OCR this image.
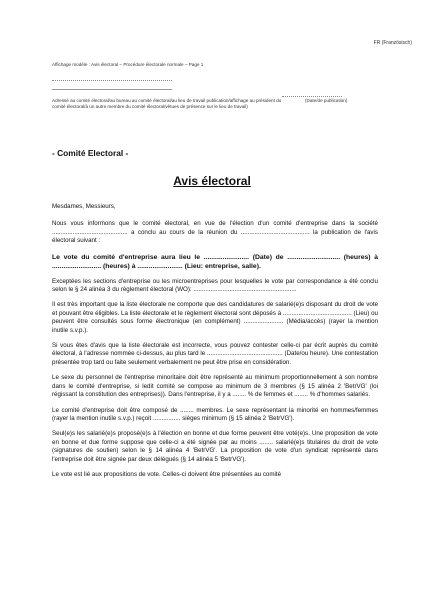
FR (Französisch)
Affichage modèle : Avis électoral – Procédure électorale normale – Page 1
Adressé au comité électoral/au bureau au comité électoral/au lieu de travail publication/affichage au président du comité électoral/à un autre membre du comité électoral/vêtues de présence sur le lieu de travail)
(Date/de publication)
- Comité Electoral -
Avis électoral

Mesdames, Messieurs,

Nous vous informons que le comité électoral, en vue de l'élection d'un comité d'entreprise dans la société ............................................ a conclu au cours de la réunion du ........................................ la publication de l'avis électoral suivant :

Le vote du comité d'entreprise aura lieu le ........................ (Date) de ............................ (heures) à .......................... (heures) à ........................ (Lieu: entreprise, salle).

Exceptées les sections d'entreprise ou les microentreprises pour lesquelles le vote par correspondance a été conclu selon le § 24 alinéa 3 du règlement électoral (WO): ............................................................

Il est très important que la liste électorale ne comporte que des candidatures de salarié(e)s disposant du droit de vote et pouvant être éligibles. La liste électorale et le règlement électoral sont déposés à ........................................ (Lieu) ou peuvent être consultés sous forme électronique (en complément) ....................... (Média/accès) (rayer la mention inutile s.v.p.).

Si vous êtes d'avis que la liste électorale est incorrecte, vous pouvez contester celle-ci par écrit auprès du comité électoral, à l'adresse nommée ci-dessus, au plus tard le ............................................ (Date/ou heure). Une contestation présentée trop tard ou faite seulement verbalement ne peut être prise en considération.

Le sexe du personnel de l'entreprise minoritaire doit être représenté au minimum proportionnellement à son nombre dans le comité d'entreprise, si ledit comité se compose au minimum de 3 membres (§ 15 alinéa 2 'BetrVG' (loi régissant la constitution des entreprises)). Dans l'entreprise, il y a ........ % de femmes et ........ % d'hommes salariés.

Le comité d'entreprise doit être composé de ........ membres. Le sexe représentant la minorité en hommes/femmes (rayer la mention inutile s.v.p.) reçoit ................ sièges minimum (§ 15 alinéa 2 'BetrVG').

Seul(e)s les salarié(e)s proposé(e)s à l'élection en bonne et due forme peuvent être voté(e)s. Une proposition de vote en bonne et due forme suppose que celle-ci a été signée par au moins ........ salarié(e)s titulaires du droit de vote (signatures de soutien) selon le § 14 alinéa 4 'BetrVG'. La proposition de vote d'un syndicat représenté dans l'entreprise doit être signée par deux délégués (§ 14 alinéa 5 'BetrVG').

Le vote est lié aux propositions de vote. Celles-ci doivent être présentées au comité
